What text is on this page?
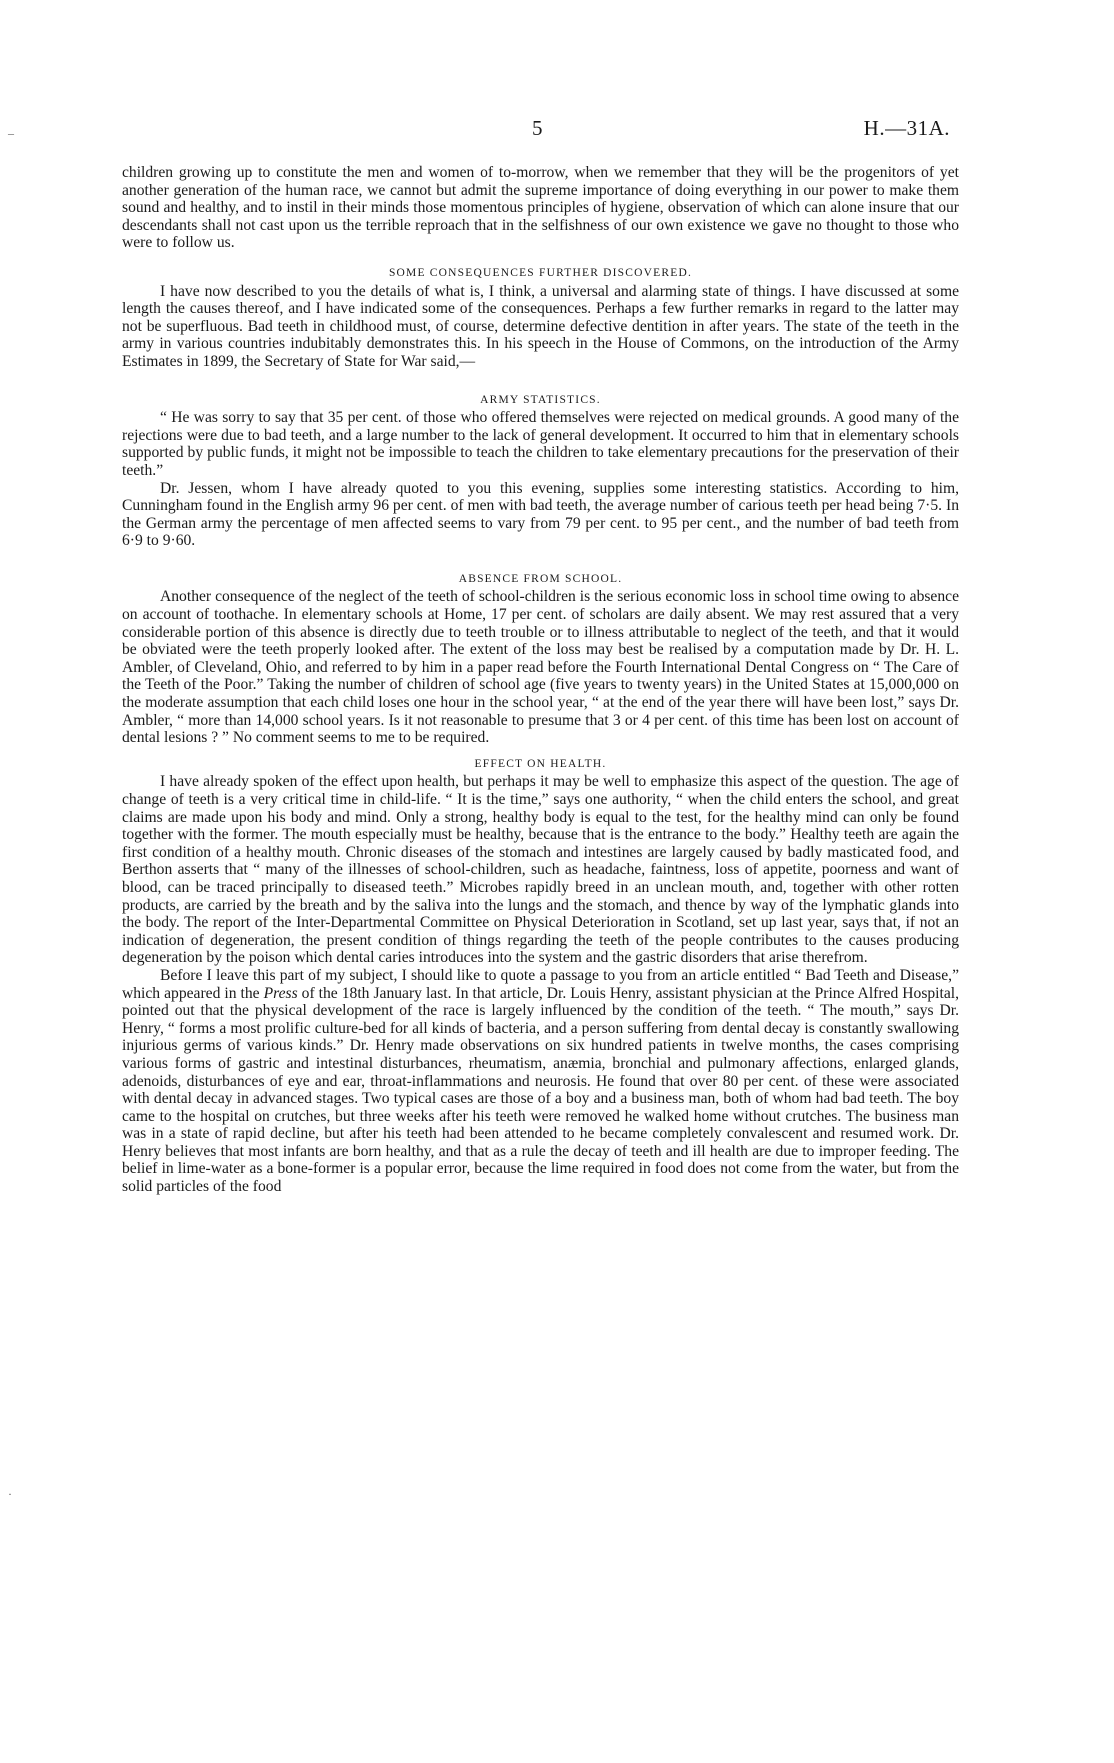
5	H.—31A.
–
·

children growing up to constitute the men and women of to-morrow, when we remember that they will be the progenitors of yet another generation of the human race, we cannot but admit the supreme importance of doing everything in our power to make them sound and healthy, and to instil in their minds those momentous principles of hygiene, observation of which can alone insure that our descendants shall not cast upon us the terrible reproach that in the selfishness of our own existence we gave no thought to those who were to follow us.

SOME CONSEQUENCES FURTHER DISCOVERED.

I have now described to you the details of what is, I think, a universal and alarming state of things. I have discussed at some length the causes thereof, and I have indicated some of the consequences. Perhaps a few further remarks in regard to the latter may not be superfluous. Bad teeth in childhood must, of course, determine defective dentition in after years. The state of the teeth in the army in various countries indubitably demonstrates this. In his speech in the House of Commons, on the introduction of the Army Estimates in 1899, the Secretary of State for War said,—

ARMY STATISTICS.

“ He was sorry to say that 35 per cent. of those who offered themselves were rejected on medical grounds. A good many of the rejections were due to bad teeth, and a large number to the lack of general development. It occurred to him that in elementary schools supported by public funds, it might not be impossible to teach the children to take elementary precautions for the preservation of their teeth.”

Dr. Jessen, whom I have already quoted to you this evening, supplies some interesting statistics. According to him, Cunningham found in the English army 96 per cent. of men with bad teeth, the average number of carious teeth per head being 7·5. In the German army the percentage of men affected seems to vary from 79 per cent. to 95 per cent., and the number of bad teeth from 6·9 to 9·60.

ABSENCE FROM SCHOOL.

Another consequence of the neglect of the teeth of school-children is the serious economic loss in school time owing to absence on account of toothache. In elementary schools at Home, 17 per cent. of scholars are daily absent. We may rest assured that a very considerable portion of this absence is directly due to teeth trouble or to illness attributable to neglect of the teeth, and that it would be obviated were the teeth properly looked after. The extent of the loss may best be realised by a computation made by Dr. H. L. Ambler, of Cleveland, Ohio, and referred to by him in a paper read before the Fourth International Dental Congress on “ The Care of the Teeth of the Poor.” Taking the number of children of school age (five years to twenty years) in the United States at 15,000,000 on the moderate assumption that each child loses one hour in the school year, “ at the end of the year there will have been lost,” says Dr. Ambler, “ more than 14,000 school years. Is it not reasonable to presume that 3 or 4 per cent. of this time has been lost on account of dental lesions ? ” No comment seems to me to be required.

EFFECT ON HEALTH.

I have already spoken of the effect upon health, but perhaps it may be well to emphasize this aspect of the question. The age of change of teeth is a very critical time in child-life. “ It is the time,” says one authority, “ when the child enters the school, and great claims are made upon his body and mind. Only a strong, healthy body is equal to the test, for the healthy mind can only be found together with the former. The mouth especially must be healthy, because that is the entrance to the body.” Healthy teeth are again the first condition of a healthy mouth. Chronic diseases of the stomach and intestines are largely caused by badly masticated food, and Berthon asserts that “ many of the illnesses of school-children, such as headache, faintness, loss of appetite, poorness and want of blood, can be traced principally to diseased teeth.” Microbes rapidly breed in an unclean mouth, and, together with other rotten products, are carried by the breath and by the saliva into the lungs and the stomach, and thence by way of the lymphatic glands into the body. The report of the Inter-Departmental Committee on Physical Deterioration in Scotland, set up last year, says that, if not an indication of degeneration, the present condition of things regarding the teeth of the people contributes to the causes producing degeneration by the poison which dental caries introduces into the system and the gastric disorders that arise therefrom.

Before I leave this part of my subject, I should like to quote a passage to you from an article entitled “ Bad Teeth and Disease,” which appeared in the Press of the 18th January last. In that article, Dr. Louis Henry, assistant physician at the Prince Alfred Hospital, pointed out that the physical development of the race is largely influenced by the condition of the teeth. “ The mouth,” says Dr. Henry, “ forms a most prolific culture-bed for all kinds of bacteria, and a person suffering from dental decay is constantly swallowing injurious germs of various kinds.” Dr. Henry made observations on six hundred patients in twelve months, the cases comprising various forms of gastric and intestinal disturbances, rheumatism, anæmia, bronchial and pulmonary affections, enlarged glands, adenoids, disturbances of eye and ear, throat-inflammations and neurosis. He found that over 80 per cent. of these were associated with dental decay in advanced stages. Two typical cases are those of a boy and a business man, both of whom had bad teeth. The boy came to the hospital on crutches, but three weeks after his teeth were removed he walked home without crutches. The business man was in a state of rapid decline, but after his teeth had been attended to he became completely convalescent and resumed work. Dr. Henry believes that most infants are born healthy, and that as a rule the decay of teeth and ill health are due to improper feeding. The belief in lime-water as a bone-former is a popular error, because the lime required in food does not come from the water, but from the solid particles of the food
